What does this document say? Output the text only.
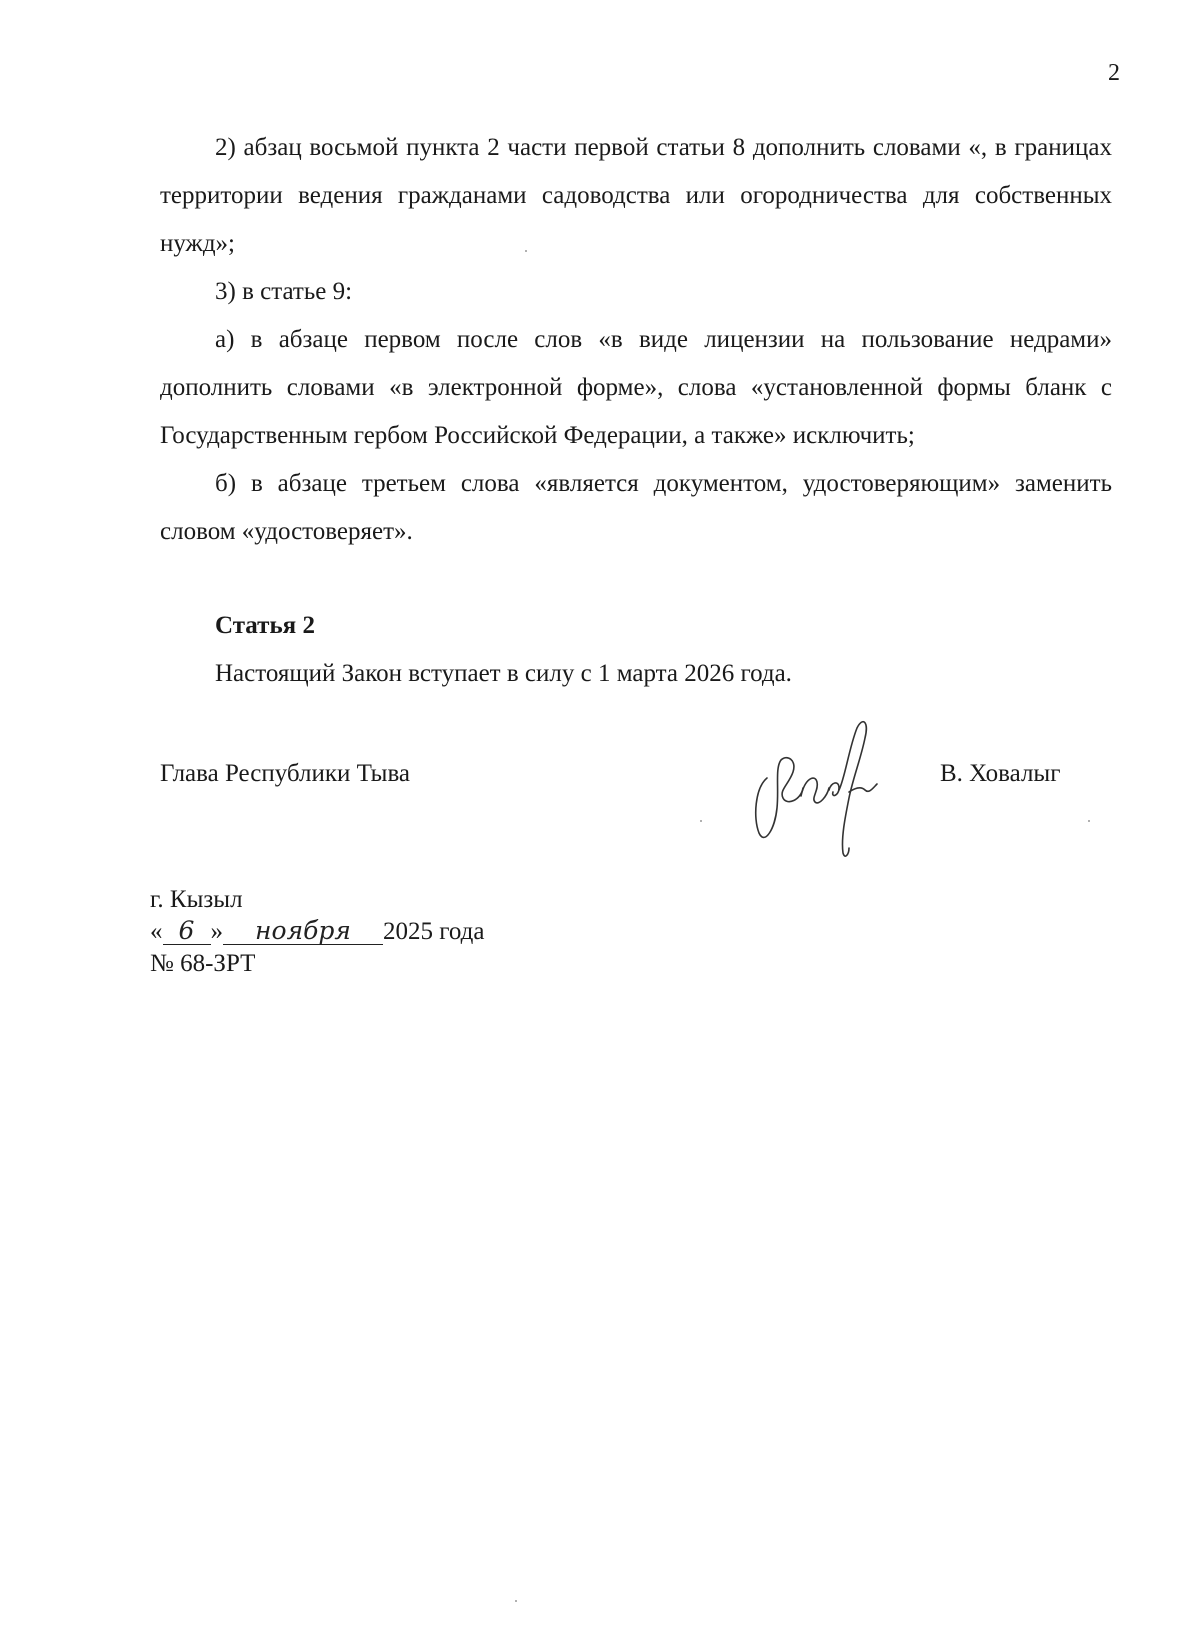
2

2) абзац восьмой пункта 2 части первой статьи 8 дополнить словами «, в границах территории ведения гражданами садоводства или огородничества для собственных нужд»;

3) в статье 9:

а) в абзаце первом после слов «в виде лицензии на пользование недрами» дополнить словами «в электронной форме», слова «установленной формы бланк с Государственным гербом Российской Федерации, а также» исключить;

б) в абзаце третьем слова «является документом, удостоверяющим» заменить словом «удостоверяет».

Статья 2
Настоящий Закон вступает в силу с 1 марта 2026 года.
Глава Республики Тыва	В. Ховалыг
г. Кызыл
« 6 » ноября 2025 года
№ 68-ЗРТ
